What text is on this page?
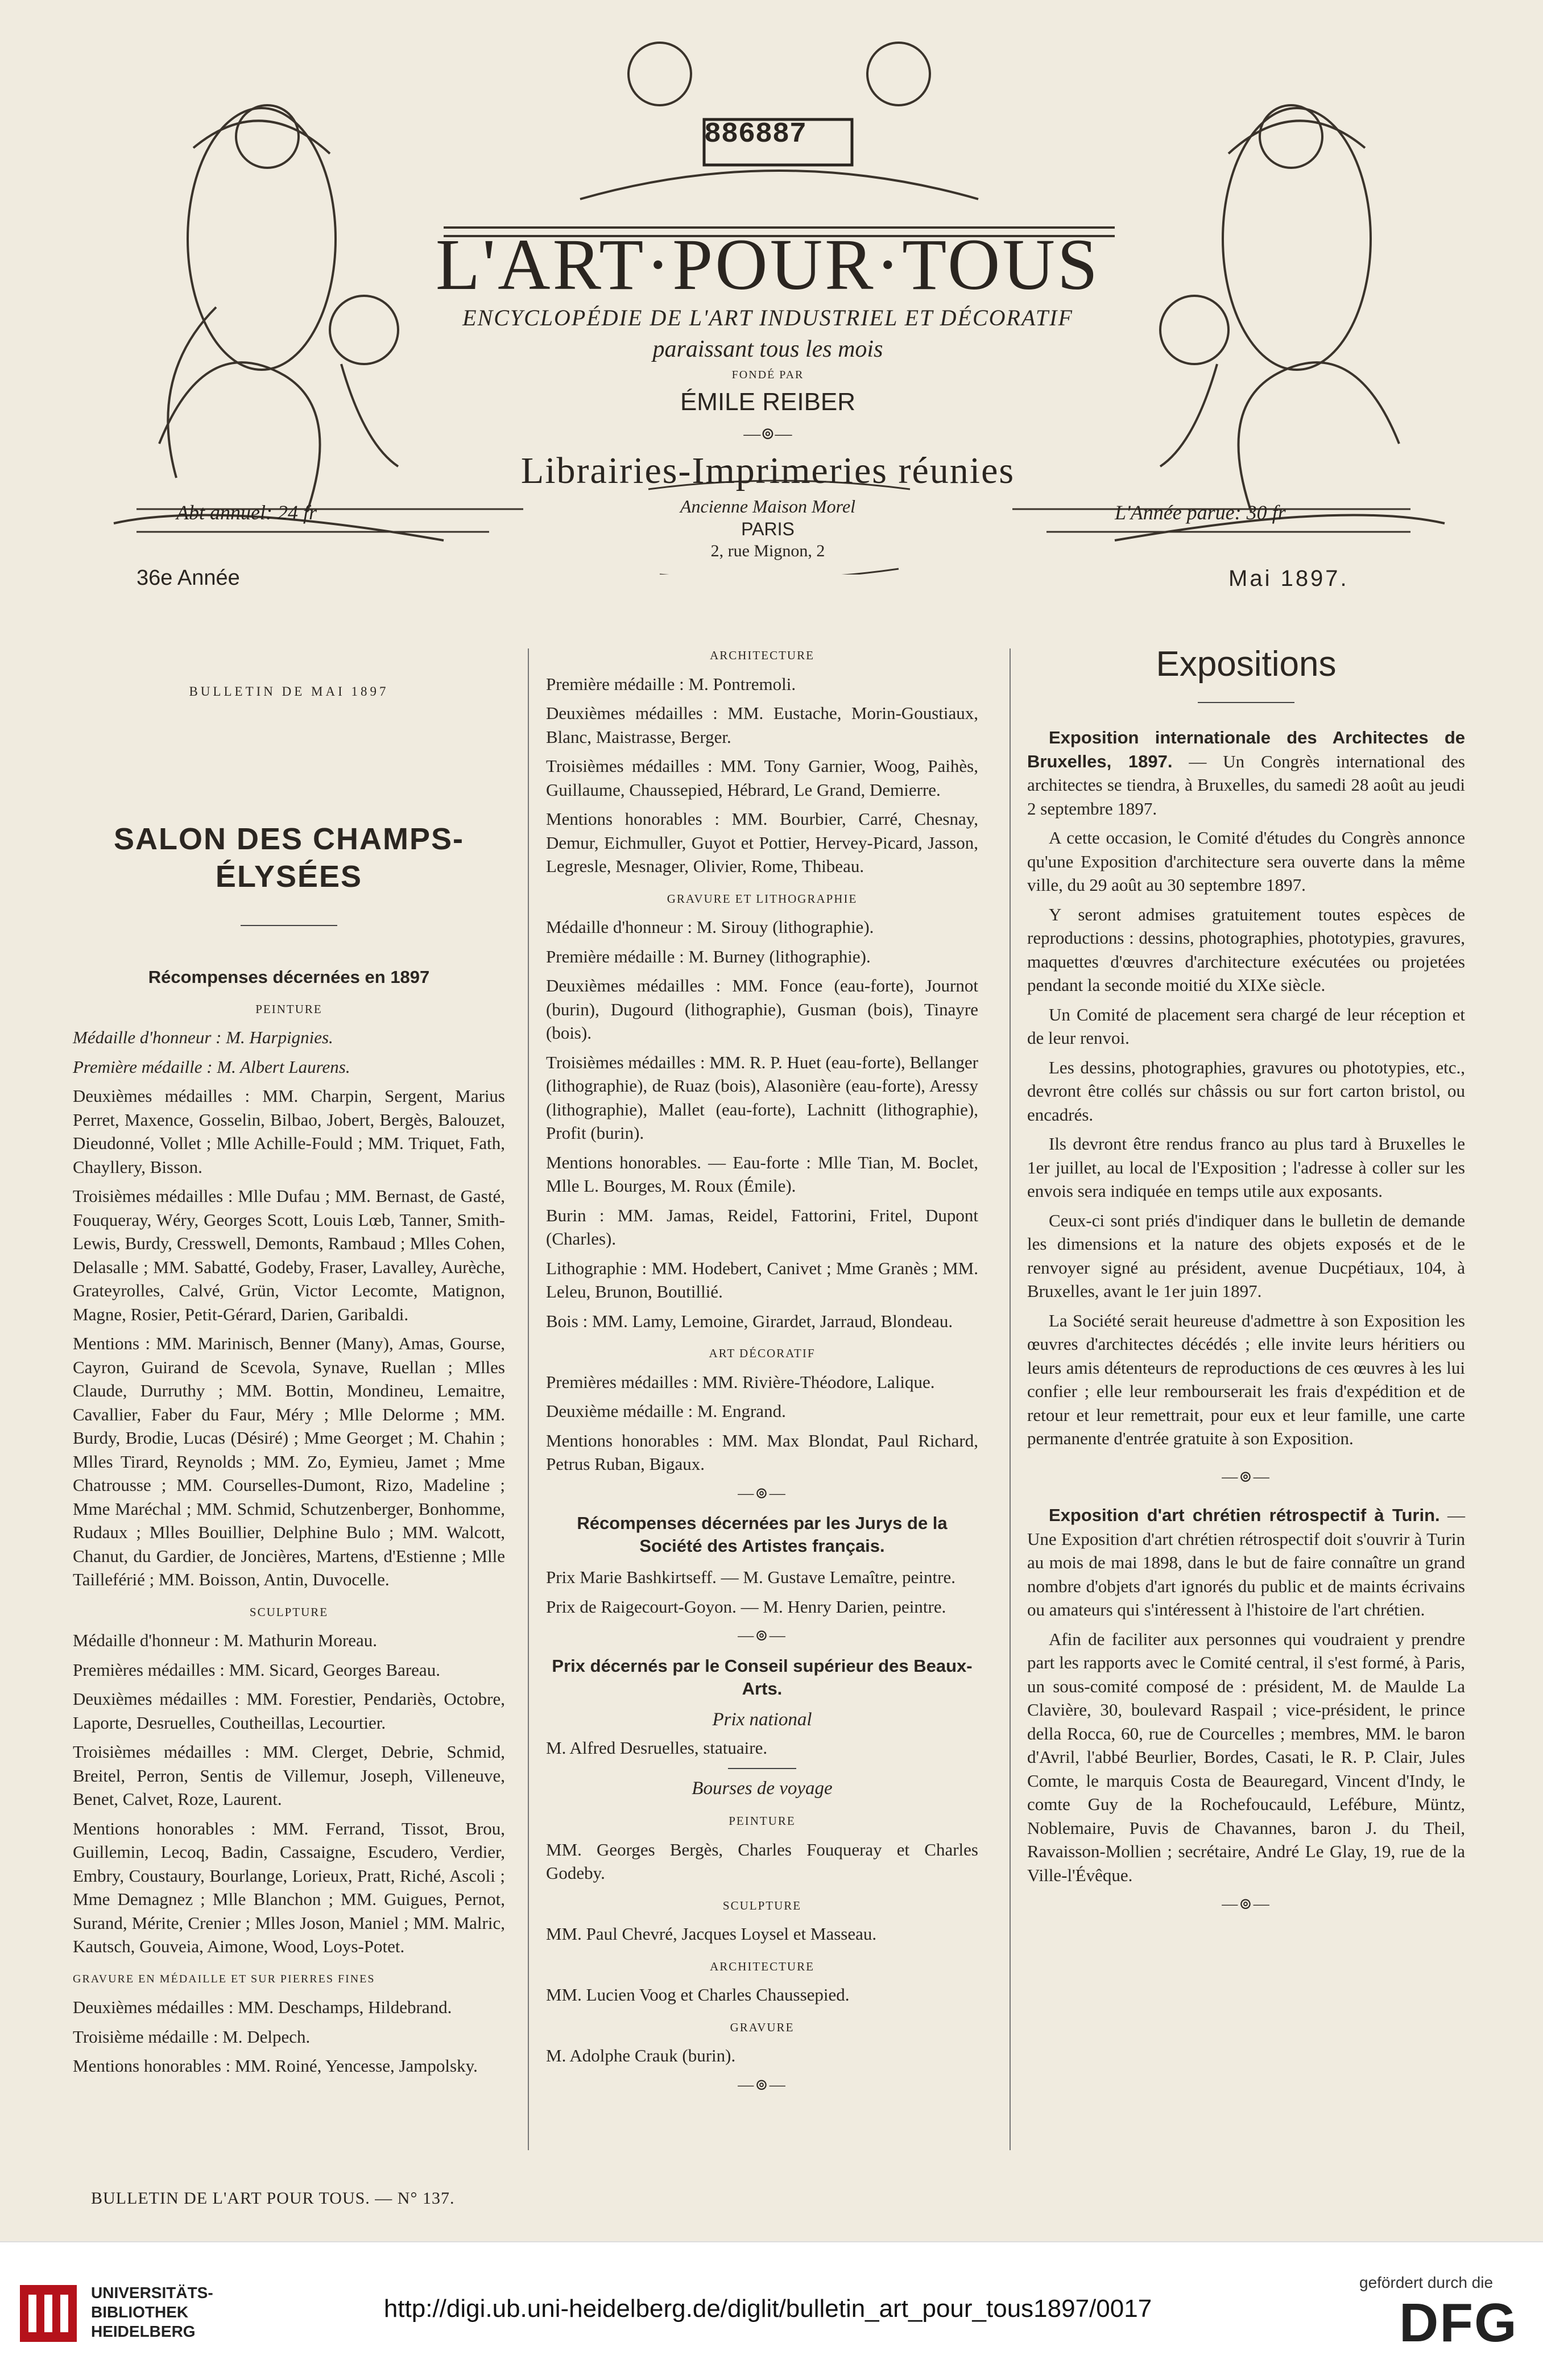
886887
L'ART·POUR·TOUS
ENCYCLOPÉDIE DE L'ART INDUSTRIEL ET DÉCORATIF
paraissant tous les mois
FONDÉ PAR
ÉMILE REIBER
—⊚—
Librairies-Imprimeries réunies
Ancienne Maison Morel
PARIS
2, rue Mignon, 2
Abt annuel: 24 fr	L'Année parue: 30 fr
36e Année	Mai 1897.
BULLETIN DE MAI 1897
SALON DES CHAMPS-ÉLYSÉES
Récompenses décernées en 1897
PEINTURE

Médaille d'honneur : M. Harpignies.

Première médaille : M. Albert Laurens.

Deuxièmes médailles : MM. Charpin, Sergent, Marius Perret, Maxence, Gosselin, Bilbao, Jobert, Bergès, Balouzet, Dieudonné, Vollet ; Mlle Achille-Fould ; MM. Triquet, Fath, Chayllery, Bisson.

Troisièmes médailles : Mlle Dufau ; MM. Bernast, de Gasté, Fouqueray, Wéry, Georges Scott, Louis Lœb, Tanner, Smith-Lewis, Burdy, Cresswell, Demonts, Rambaud ; Mlles Cohen, Delasalle ; MM. Sabatté, Godeby, Fraser, Lavalley, Aurèche, Grateyrolles, Calvé, Grün, Victor Lecomte, Matignon, Magne, Rosier, Petit-Gérard, Darien, Garibaldi.

Mentions : MM. Marinisch, Benner (Many), Amas, Gourse, Cayron, Guirand de Scevola, Synave, Ruellan ; Mlles Claude, Durruthy ; MM. Bottin, Mondineu, Lemaitre, Cavallier, Faber du Faur, Méry ; Mlle Delorme ; MM. Burdy, Brodie, Lucas (Désiré) ; Mme Georget ; M. Chahin ; Mlles Tirard, Reynolds ; MM. Zo, Eymieu, Jamet ; Mme Chatrousse ; MM. Courselles-Dumont, Rizo, Madeline ; Mme Maréchal ; MM. Schmid, Schutzenberger, Bonhomme, Rudaux ; Mlles Bouillier, Delphine Bulo ; MM. Walcott, Chanut, du Gardier, de Joncières, Martens, d'Estienne ; Mlle Tailleférié ; MM. Boisson, Antin, Duvocelle.

SCULPTURE

Médaille d'honneur : M. Mathurin Moreau.

Premières médailles : MM. Sicard, Georges Bareau.

Deuxièmes médailles : MM. Forestier, Pendariès, Octobre, Laporte, Desruelles, Coutheillas, Lecourtier.

Troisièmes médailles : MM. Clerget, Debrie, Schmid, Breitel, Perron, Sentis de Villemur, Joseph, Villeneuve, Benet, Calvet, Roze, Laurent.

Mentions honorables : MM. Ferrand, Tissot, Brou, Guillemin, Lecoq, Badin, Cassaigne, Escudero, Verdier, Embry, Coustaury, Bourlange, Lorieux, Pratt, Riché, Ascoli ; Mme Demagnez ; Mlle Blanchon ; MM. Guigues, Pernot, Surand, Mérite, Crenier ; Mlles Joson, Maniel ; MM. Malric, Kautsch, Gouveia, Aimone, Wood, Loys-Potet.

GRAVURE EN MÉDAILLE ET SUR PIERRES FINES

Deuxièmes médailles : MM. Deschamps, Hildebrand.

Troisième médaille : M. Delpech.

Mentions honorables : MM. Roiné, Yencesse, Jampolsky.

ARCHITECTURE

Première médaille : M. Pontremoli.

Deuxièmes médailles : MM. Eustache, Morin-Goustiaux, Blanc, Maistrasse, Berger.

Troisièmes médailles : MM. Tony Garnier, Woog, Paihès, Guillaume, Chaussepied, Hébrard, Le Grand, Demierre.

Mentions honorables : MM. Bourbier, Carré, Chesnay, Demur, Eichmuller, Guyot et Pottier, Hervey-Picard, Jasson, Legresle, Mesnager, Olivier, Rome, Thibeau.

GRAVURE ET LITHOGRAPHIE

Médaille d'honneur : M. Sirouy (lithographie).

Première médaille : M. Burney (lithographie).

Deuxièmes médailles : MM. Fonce (eau-forte), Journot (burin), Dugourd (lithographie), Gusman (bois), Tinayre (bois).

Troisièmes médailles : MM. R. P. Huet (eau-forte), Bellanger (lithographie), de Ruaz (bois), Alasonière (eau-forte), Aressy (lithographie), Mallet (eau-forte), Lachnitt (lithographie), Profit (burin).

Mentions honorables. — Eau-forte : Mlle Tian, M. Boclet, Mlle L. Bourges, M. Roux (Émile).

Burin : MM. Jamas, Reidel, Fattorini, Fritel, Dupont (Charles).

Lithographie : MM. Hodebert, Canivet ; Mme Granès ; MM. Leleu, Brunon, Boutillié.

Bois : MM. Lamy, Lemoine, Girardet, Jarraud, Blondeau.

ART DÉCORATIF

Premières médailles : MM. Rivière-Théodore, Lalique.

Deuxième médaille : M. Engrand.

Mentions honorables : MM. Max Blondat, Paul Richard, Petrus Ruban, Bigaux.

—⊚—
Récompenses décernées par les Jurys de la Société des Artistes français.

Prix Marie Bashkirtseff. — M. Gustave Lemaître, peintre.

Prix de Raigecourt-Goyon. — M. Henry Darien, peintre.

—⊚—
Prix décernés par le Conseil supérieur des Beaux-Arts.
Prix national

M. Alfred Desruelles, statuaire.

Bourses de voyage
PEINTURE

MM. Georges Bergès, Charles Fouqueray et Charles Godeby.

SCULPTURE

MM. Paul Chevré, Jacques Loysel et Masseau.

ARCHITECTURE

MM. Lucien Voog et Charles Chaussepied.

GRAVURE

M. Adolphe Crauk (burin).

—⊚—
Expositions

Exposition internationale des Architectes de Bruxelles, 1897. — Un Congrès international des architectes se tiendra, à Bruxelles, du samedi 28 août au jeudi 2 septembre 1897.

A cette occasion, le Comité d'études du Congrès annonce qu'une Exposition d'architecture sera ouverte dans la même ville, du 29 août au 30 septembre 1897.

Y seront admises gratuitement toutes espèces de reproductions : dessins, photographies, phototypies, gravures, maquettes d'œuvres d'architecture exécutées ou projetées pendant la seconde moitié du XIXe siècle.

Un Comité de placement sera chargé de leur réception et de leur renvoi.

Les dessins, photographies, gravures ou phototypies, etc., devront être collés sur châssis ou sur fort carton bristol, ou encadrés.

Ils devront être rendus franco au plus tard à Bruxelles le 1er juillet, au local de l'Exposition ; l'adresse à coller sur les envois sera indiquée en temps utile aux exposants.

Ceux-ci sont priés d'indiquer dans le bulletin de demande les dimensions et la nature des objets exposés et de le renvoyer signé au président, avenue Ducpétiaux, 104, à Bruxelles, avant le 1er juin 1897.

La Société serait heureuse d'admettre à son Exposition les œuvres d'architectes décédés ; elle invite leurs héritiers ou leurs amis détenteurs de reproductions de ces œuvres à les lui confier ; elle leur rembourserait les frais d'expédition et de retour et leur remettrait, pour eux et leur famille, une carte permanente d'entrée gratuite à son Exposition.

—⊚—

Exposition d'art chrétien rétrospectif à Turin. — Une Exposition d'art chrétien rétrospectif doit s'ouvrir à Turin au mois de mai 1898, dans le but de faire connaître un grand nombre d'objets d'art ignorés du public et de maints écrivains ou amateurs qui s'intéressent à l'histoire de l'art chrétien.

Afin de faciliter aux personnes qui voudraient y prendre part les rapports avec le Comité central, il s'est formé, à Paris, un sous-comité composé de : président, M. de Maulde La Clavière, 30, boulevard Raspail ; vice-président, le prince della Rocca, 60, rue de Courcelles ; membres, MM. le baron d'Avril, l'abbé Beurlier, Bordes, Casati, le R. P. Clair, Jules Comte, le marquis Costa de Beauregard, Vincent d'Indy, le comte Guy de la Rochefoucauld, Lefébure, Müntz, Noblemaire, Puvis de Chavannes, baron J. du Theil, Ravaisson-Mollien ; secrétaire, André Le Glay, 19, rue de la Ville-l'Évêque.

—⊚—
BULLETIN DE L'ART POUR TOUS. — N° 137.
UNIVERSITÄTS-
BIBLIOTHEK
HEIDELBERG
http://digi.ub.uni-heidelberg.de/diglit/bulletin_art_pour_tous1897/0017
gefördert durch die
DFG
